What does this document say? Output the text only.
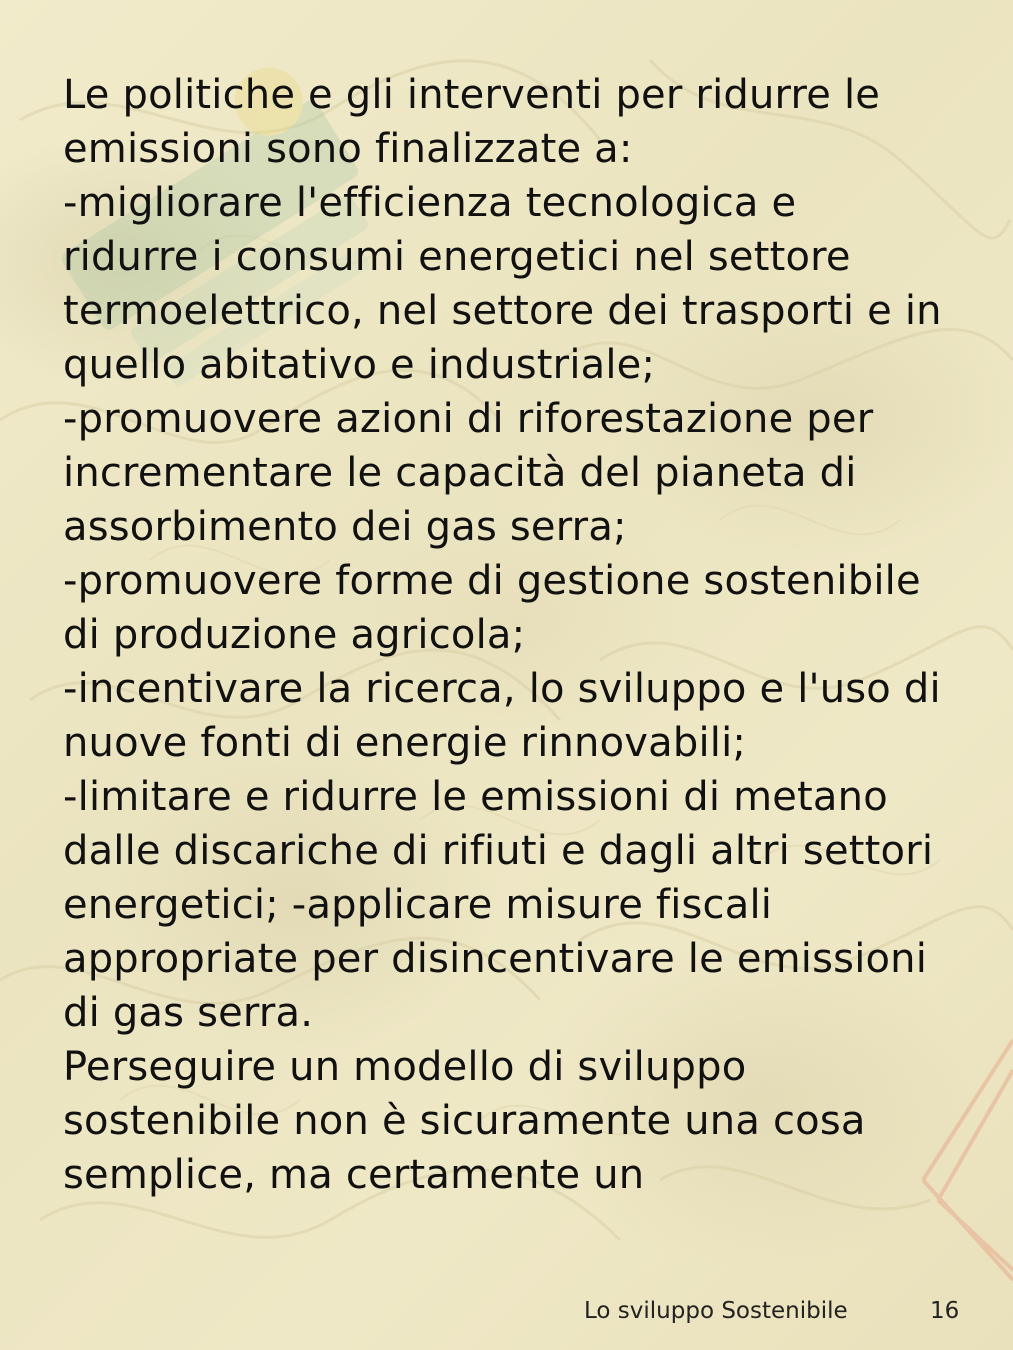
Le politiche e gli interventi per ridurre le emissioni sono finalizzate a:
-migliorare l'efficienza tecnologica e ridurre i consumi energetici nel settore termoelettrico, nel settore dei trasporti e in quello abitativo e industriale;
-promuovere azioni di riforestazione per incrementare le capacità del pianeta di assorbimento dei gas serra;
-promuovere forme di gestione sostenibile di produzione agricola;
-incentivare la ricerca, lo sviluppo e l'uso di nuove fonti di energie rinnovabili;
-limitare e ridurre le emissioni di metano dalle discariche di rifiuti e dagli altri settori energetici; -applicare misure fiscali appropriate per disincentivare le emissioni di gas serra.
Perseguire un modello di sviluppo sostenibile non è sicuramente una cosa semplice, ma certamente un
Lo sviluppo Sostenibile	16
